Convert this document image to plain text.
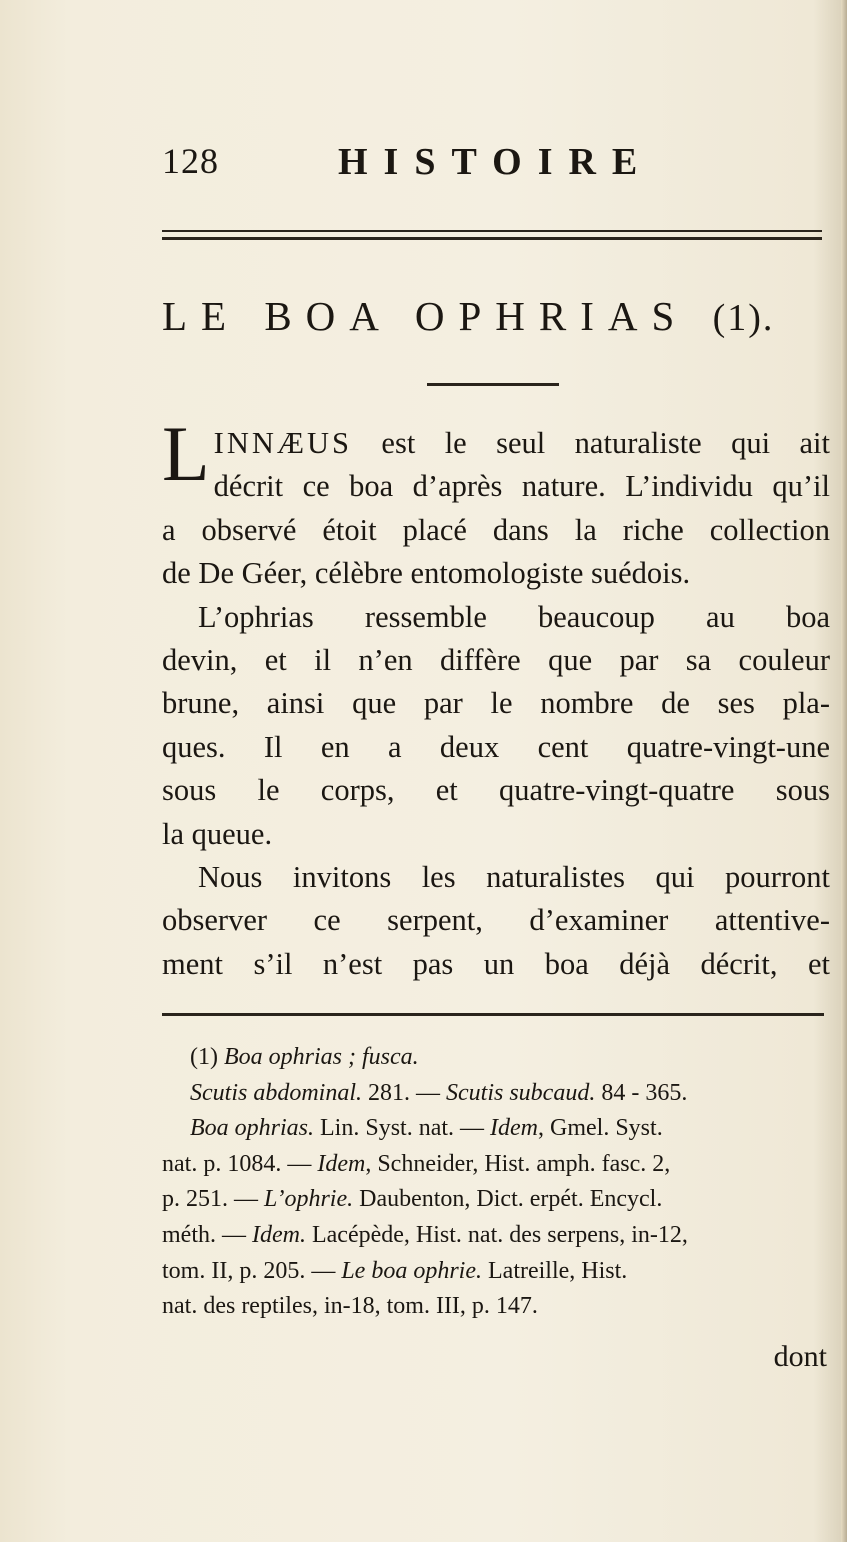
128	HISTOIRE
LE BOA OPHRIAS (1).

LINNÆUS est le seul naturaliste qui ait

décrit ce boa d’après nature. L’individu qu’il

a observé étoit placé dans la riche collection

de De Géer, célèbre entomologiste suédois.

L’ophrias ressemble beaucoup au boa

devin, et il n’en diffère que par sa couleur

brune, ainsi que par le nombre de ses pla-

ques. Il en a deux cent quatre-vingt-une

sous le corps, et quatre-vingt-quatre sous

la queue.

Nous invitons les naturalistes qui pourront

observer ce serpent, d’examiner attentive-

ment s’il n’est pas un boa déjà décrit, et

(1) Boa ophrias ; fusca.
Scutis abdominal. 281. — Scutis subcaud. 84 - 365.
Boa ophrias. Lin. Syst. nat. — Idem, Gmel. Syst.
nat. p. 1084. — Idem, Schneider, Hist. amph. fasc. 2,
p. 251. — L’ophrie. Daubenton, Dict. erpét. Encycl.
méth. — Idem. Lacépède, Hist. nat. des serpens, in-12,
tom. II, p. 205. — Le boa ophrie. Latreille, Hist.
nat. des reptiles, in-18, tom. III, p. 147.
dont
